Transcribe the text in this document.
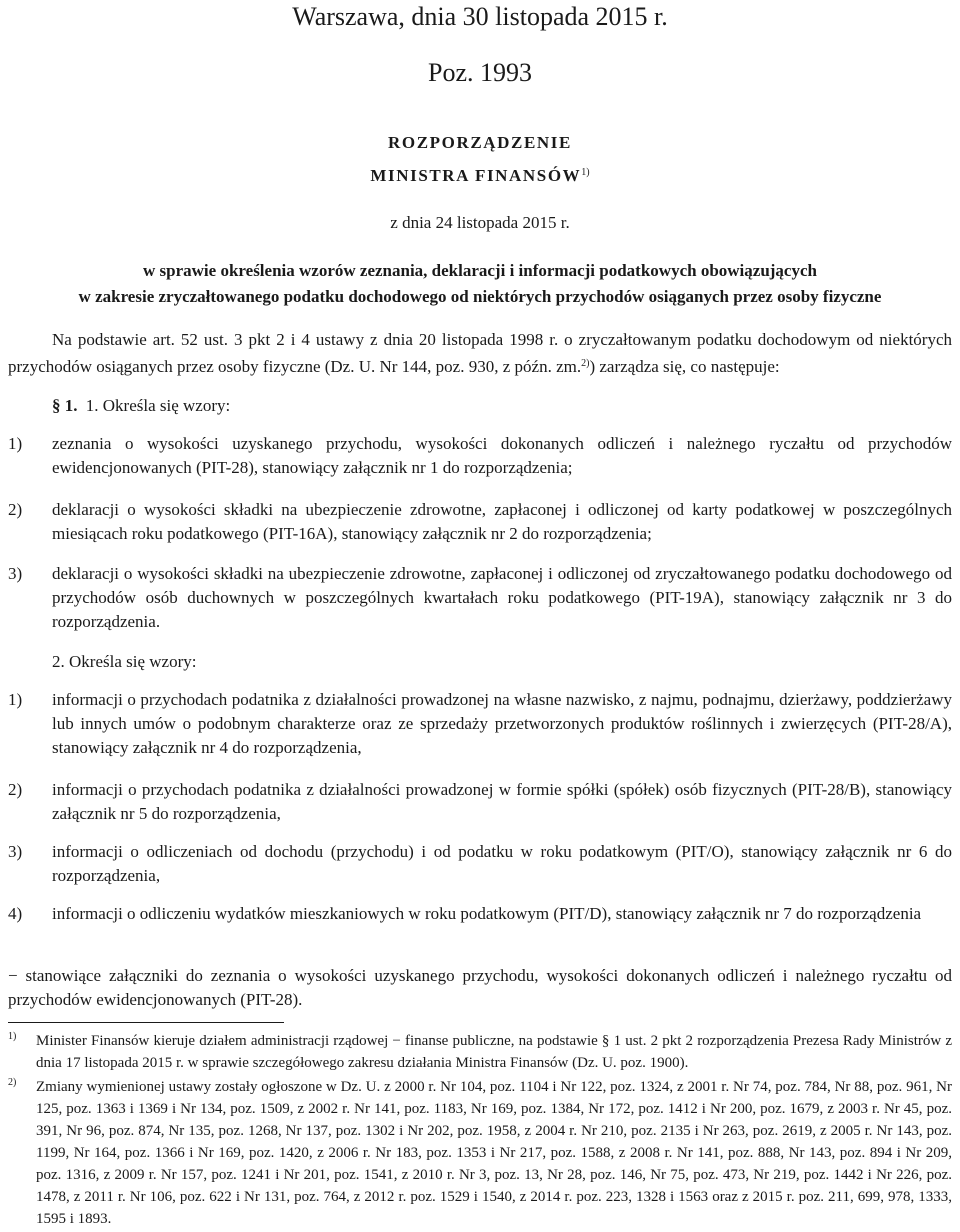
Warszawa, dnia 30 listopada 2015 r.
Poz. 1993
ROZPORZĄDZENIE
MINISTRA FINANSÓW$^{1)}$
z dnia 24 listopada 2015 r.
w sprawie określenia wzorów zeznania, deklaracji i informacji podatkowych obowiązujących
w zakresie zryczałtowanego podatku dochodowego od niektórych przychodów osiąganych przez osoby fizyczne
Na podstawie art. 52 ust. 3 pkt 2 i 4 ustawy z dnia 20 listopada 1998 r. o zryczałtowanym podatku dochodowym od niektórych przychodów osiąganych przez osoby fizyczne (Dz. U. Nr 144, poz. 930, z późn. zm.$^{2)}$) zarządza się, co następuje:
§ 1. 1. Określa się wzory:
1)	zeznania o wysokości uzyskanego przychodu, wysokości dokonanych odliczeń i należnego ryczałtu od przychodów ewidencjonowanych (PIT-28), stanowiący załącznik nr 1 do rozporządzenia;
2)	deklaracji o wysokości składki na ubezpieczenie zdrowotne, zapłaconej i odliczonej od karty podatkowej w poszczególnych miesiącach roku podatkowego (PIT-16A), stanowiący załącznik nr 2 do rozporządzenia;
3)	deklaracji o wysokości składki na ubezpieczenie zdrowotne, zapłaconej i odliczonej od zryczałtowanego podatku dochodowego od przychodów osób duchownych w poszczególnych kwartałach roku podatkowego (PIT-19A), stanowiący załącznik nr 3 do rozporządzenia.
2. Określa się wzory:
1)	informacji o przychodach podatnika z działalności prowadzonej na własne nazwisko, z najmu, podnajmu, dzierżawy, poddzierżawy lub innych umów o podobnym charakterze oraz ze sprzedaży przetworzonych produktów roślinnych i zwierzęcych (PIT-28/A), stanowiący załącznik nr 4 do rozporządzenia,
2)	informacji o przychodach podatnika z działalności prowadzonej w formie spółki (spółek) osób fizycznych (PIT-28/B), stanowiący załącznik nr 5 do rozporządzenia,
3)	informacji o odliczeniach od dochodu (przychodu) i od podatku w roku podatkowym (PIT/O), stanowiący załącznik nr 6 do rozporządzenia,
4)	informacji o odliczeniu wydatków mieszkaniowych w roku podatkowym (PIT/D), stanowiący załącznik nr 7 do rozporządzenia
− stanowiące załączniki do zeznania o wysokości uzyskanego przychodu, wysokości dokonanych odliczeń i należnego ryczałtu od przychodów ewidencjonowanych (PIT-28).
1) Minister Finansów kieruje działem administracji rządowej − finanse publiczne, na podstawie § 1 ust. 2 pkt 2 rozporządzenia Prezesa Rady Ministrów z dnia 17 listopada 2015 r. w sprawie szczegółowego zakresu działania Ministra Finansów (Dz. U. poz. 1900).
2) Zmiany wymienionej ustawy zostały ogłoszone w Dz. U. z 2000 r. Nr 104, poz. 1104 i Nr 122, poz. 1324, z 2001 r. Nr 74, poz. 784, Nr 88, poz. 961, Nr 125, poz. 1363 i 1369 i Nr 134, poz. 1509, z 2002 r. Nr 141, poz. 1183, Nr 169, poz. 1384, Nr 172, poz. 1412 i Nr 200, poz. 1679, z 2003 r. Nr 45, poz. 391, Nr 96, poz. 874, Nr 135, poz. 1268, Nr 137, poz. 1302 i Nr 202, poz. 1958, z 2004 r. Nr 210, poz. 2135 i Nr 263, poz. 2619, z 2005 r. Nr 143, poz. 1199, Nr 164, poz. 1366 i Nr 169, poz. 1420, z 2006 r. Nr 183, poz. 1353 i Nr 217, poz. 1588, z 2008 r. Nr 141, poz. 888, Nr 143, poz. 894 i Nr 209, poz. 1316, z 2009 r. Nr 157, poz. 1241 i Nr 201, poz. 1541, z 2010 r. Nr 3, poz. 13, Nr 28, poz. 146, Nr 75, poz. 473, Nr 219, poz. 1442 i Nr 226, poz. 1478, z 2011 r. Nr 106, poz. 622 i Nr 131, poz. 764, z 2012 r. poz. 1529 i 1540, z 2014 r. poz. 223, 1328 i 1563 oraz z 2015 r. poz. 211, 699, 978, 1333, 1595 i 1893.
